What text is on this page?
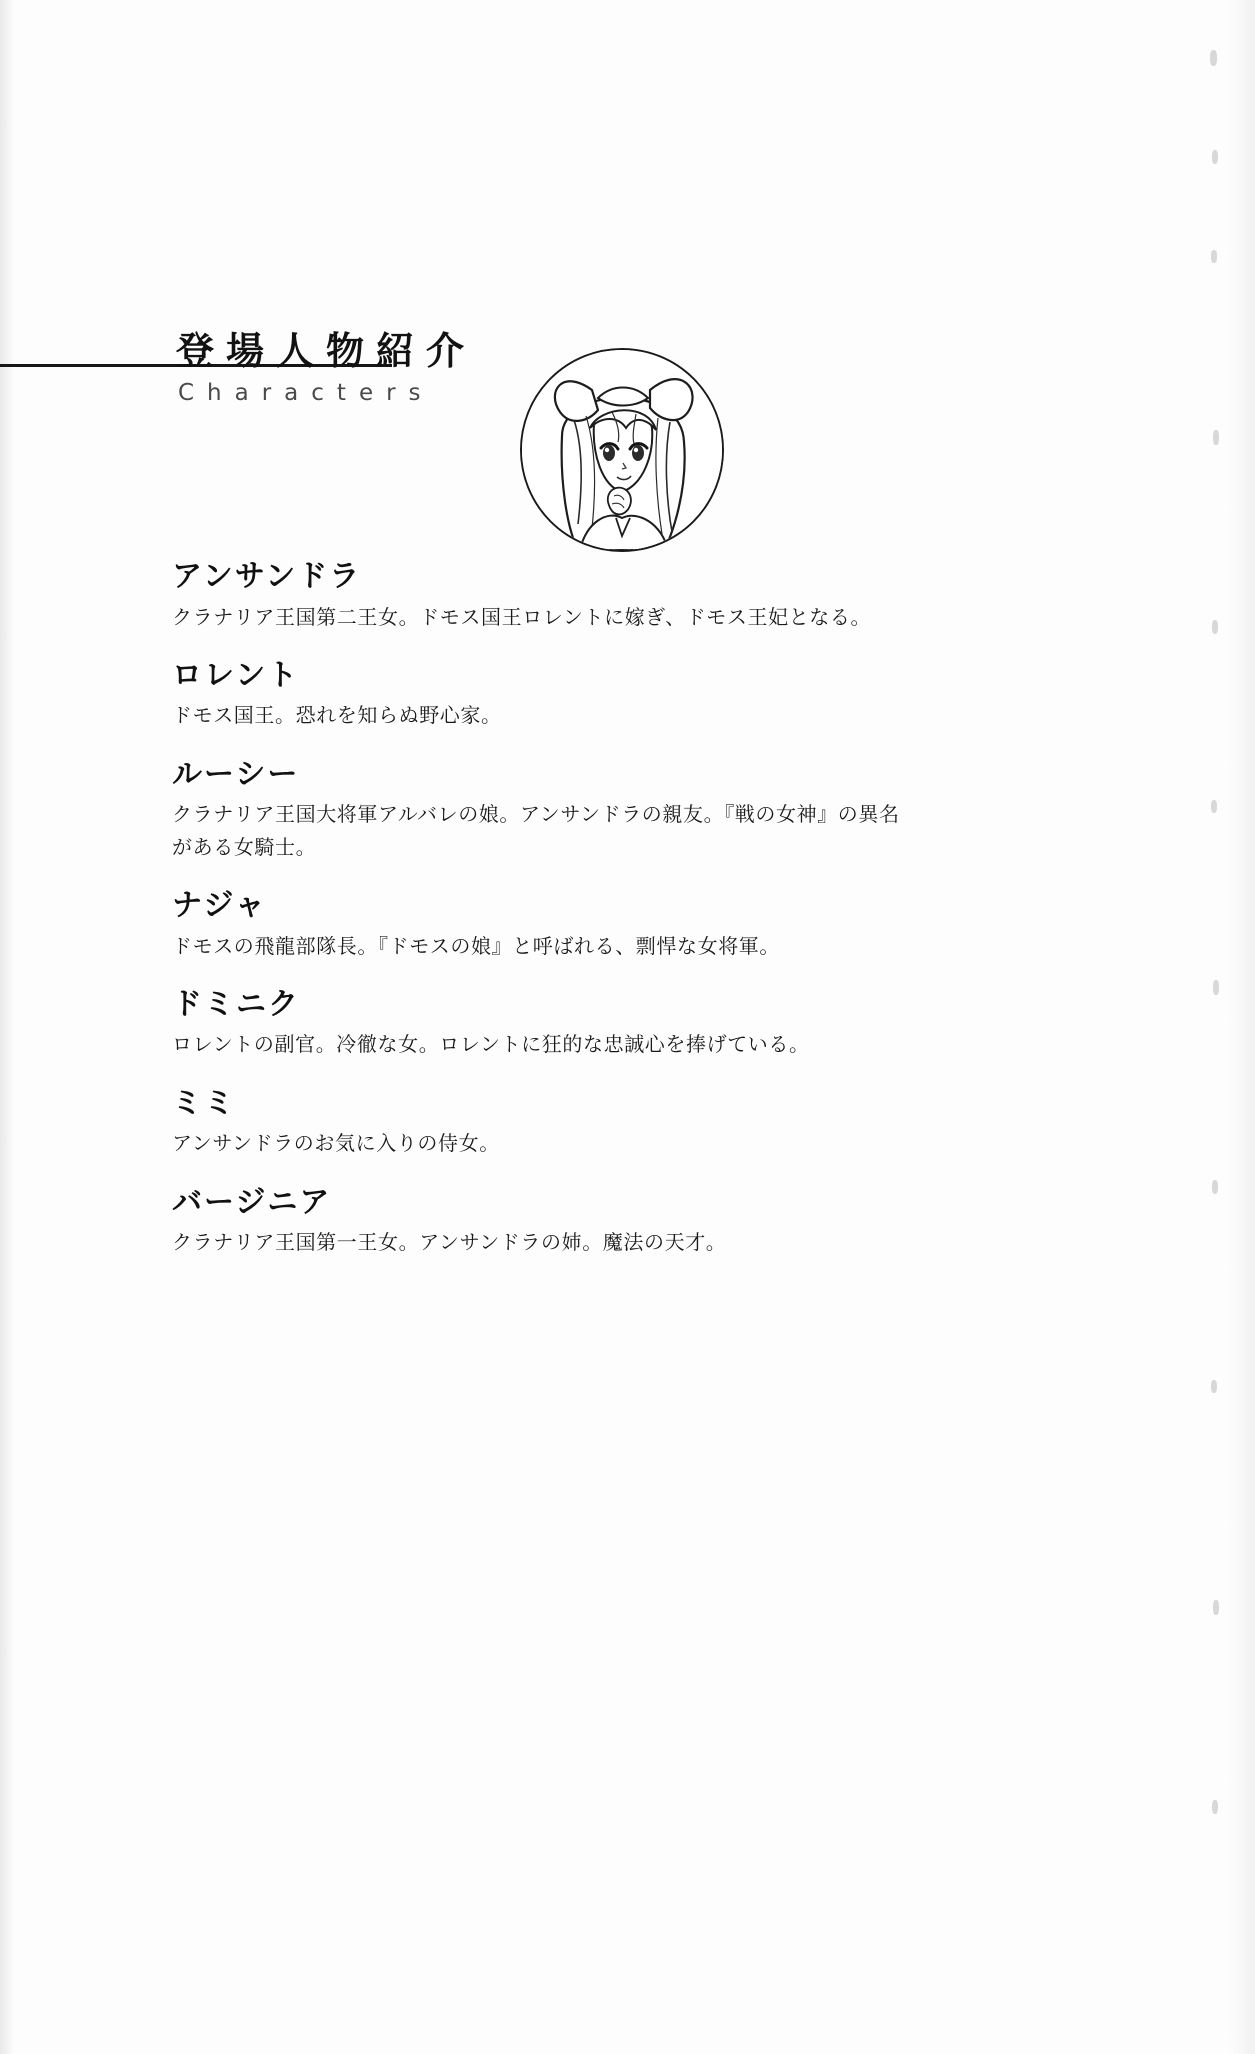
登場人物紹介
Characters

アンサンドラ

クラナリア王国第二王女。ドモス国王ロレントに嫁ぎ、ドモス王妃となる。

ロレント

ドモス国王。恐れを知らぬ野心家。

ルーシー

クラナリア王国大将軍アルバレの娘。アンサンドラの親友。『戦の女神』の異名がある女騎士。

ナジャ

ドモスの飛龍部隊長。『ドモスの娘』と呼ばれる、剽悍な女将軍。

ドミニク

ロレントの副官。冷徹な女。ロレントに狂的な忠誠心を捧げている。

ミミ

アンサンドラのお気に入りの侍女。

バージニア

クラナリア王国第一王女。アンサンドラの姉。魔法の天才。
